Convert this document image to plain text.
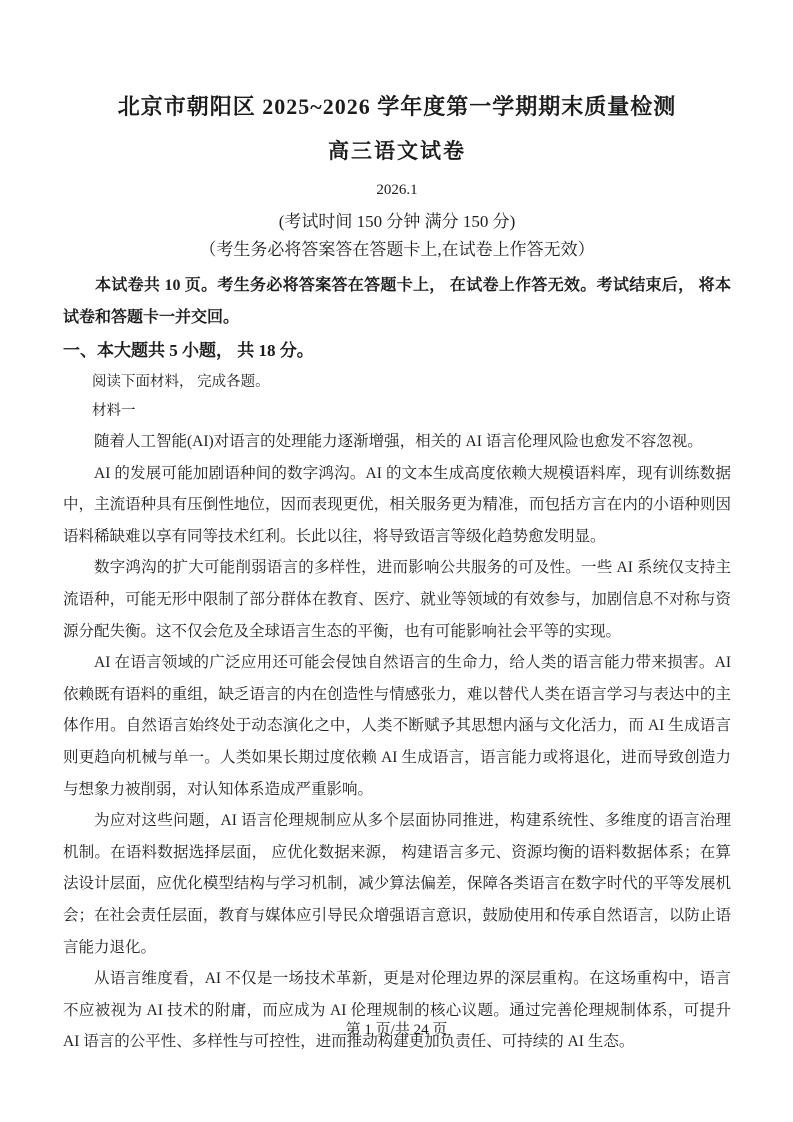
北京市朝阳区 2025~2026 学年度第一学期期末质量检测
高三语文试卷

2026.1

(考试时间 150 分钟 满分 150 分)

（考生务必将答案答在答题卡上,在试卷上作答无效）

本试卷共 10 页。考生务必将答案答在答题卡上， 在试卷上作答无效。考试结束后， 将本试卷和答题卡一并交回。

一、本大题共 5 小题， 共 18 分。

阅读下面材料， 完成各题。

材料一

随着人工智能(AI)对语言的处理能力逐渐增强，相关的 AI 语言伦理风险也愈发不容忽视。

AI 的发展可能加剧语种间的数字鸿沟。AI 的文本生成高度依赖大规模语料库，现有训练数据中，主流语种具有压倒性地位，因而表现更优，相关服务更为精准，而包括方言在内的小语种则因语料稀缺难以享有同等技术红利。长此以往，将导致语言等级化趋势愈发明显。

数字鸿沟的扩大可能削弱语言的多样性，进而影响公共服务的可及性。一些 AI 系统仅支持主流语种，可能无形中限制了部分群体在教育、医疗、就业等领域的有效参与，加剧信息不对称与资源分配失衡。这不仅会危及全球语言生态的平衡，也有可能影响社会平等的实现。

AI 在语言领域的广泛应用还可能会侵蚀自然语言的生命力，给人类的语言能力带来损害。AI 依赖既有语料的重组，缺乏语言的内在创造性与情感张力，难以替代人类在语言学习与表达中的主体作用。自然语言始终处于动态演化之中，人类不断赋予其思想内涵与文化活力，而 AI 生成语言则更趋向机械与单一。人类如果长期过度依赖 AI 生成语言，语言能力或将退化，进而导致创造力与想象力被削弱，对认知体系造成严重影响。

为应对这些问题，AI 语言伦理规制应从多个层面协同推进，构建系统性、多维度的语言治理机制。在语料数据选择层面， 应优化数据来源， 构建语言多元、资源均衡的语料数据体系；在算法设计层面，应优化模型结构与学习机制，减少算法偏差，保障各类语言在数字时代的平等发展机会；在社会责任层面，教育与媒体应引导民众增强语言意识，鼓励使用和传承自然语言，以防止语言能力退化。

从语言维度看，AI 不仅是一场技术革新，更是对伦理边界的深层重构。在这场重构中，语言不应被视为 AI 技术的附庸，而应成为 AI 伦理规制的核心议题。通过完善伦理规制体系，可提升 AI 语言的公平性、多样性与可控性，进而推动构建更加负责任、可持续的 AI 生态。

第 1 页/共 24 页
